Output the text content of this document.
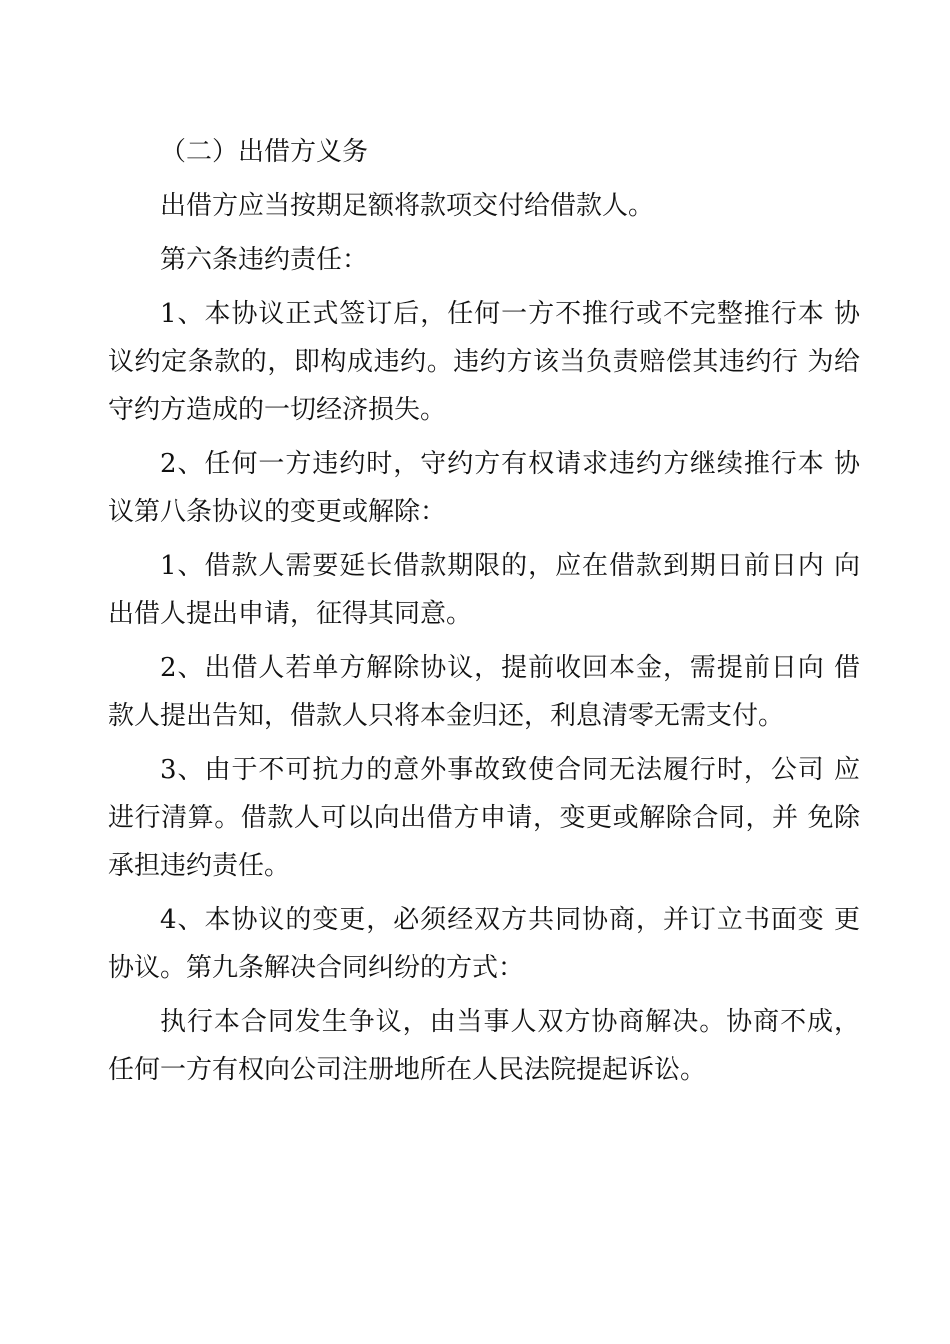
（二）出借方义务

出借方应当按期足额将款项交付给借款人。

第六条违约责任：

1、本协议正式签订后，任何一方不推行或不完整推行本 协议约定条款的，即构成违约。违约方该当负责赔偿其违约行 为给守约方造成的一切经济损失。

2、任何一方违约时，守约方有权请求违约方继续推行本 协议第八条协议的变更或解除：

1、借款人需要延长借款期限的，应在借款到期日前日内 向出借人提出申请，征得其同意。

2、出借人若单方解除协议，提前收回本金，需提前日向 借款人提出告知，借款人只将本金归还，利息清零无需支付。

3、由于不可抗力的意外事故致使合同无法履行时，公司 应进行清算。借款人可以向出借方申请，变更或解除合同，并 免除承担违约责任。

4、本协议的变更，必须经双方共同协商，并订立书面变 更协议。第九条解决合同纠纷的方式：

执行本合同发生争议，由当事人双方协商解决。协商不成，任何一方有权向公司注册地所在人民法院提起诉讼。
